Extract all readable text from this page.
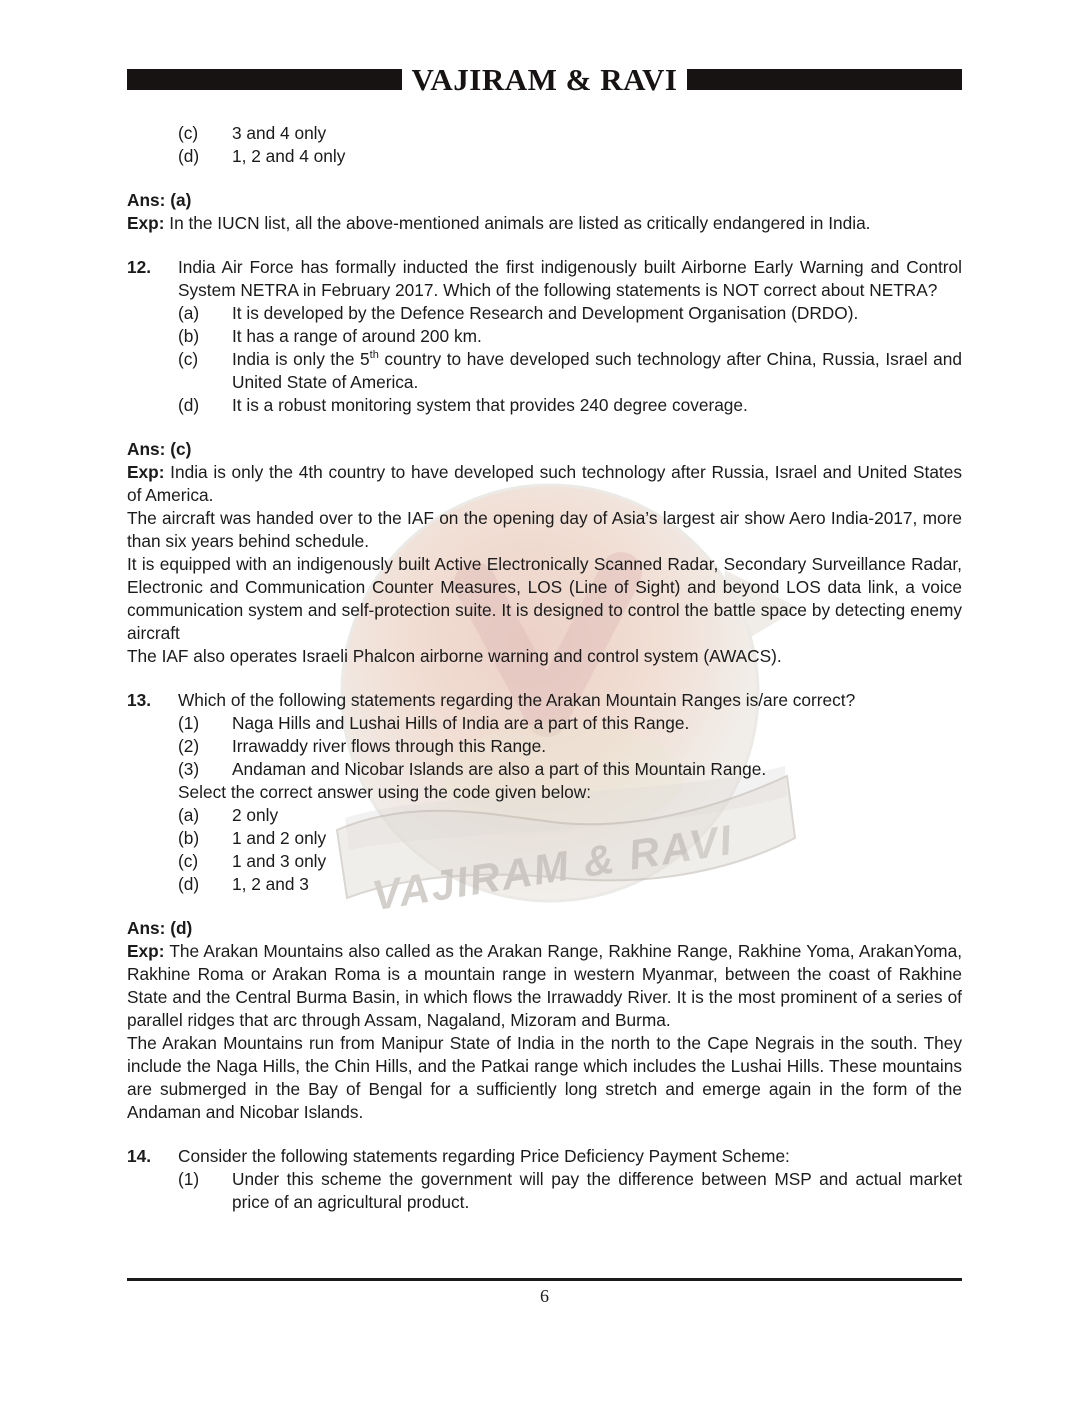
VAJIRAM & RAVI
VAJIRAM & RAVI
(c)	3 and 4 only
(d)	1, 2 and 4 only

Ans: (a)

Exp: In the IUCN list, all the above-mentioned animals are listed as critically endangered in India.

12.	India Air Force has formally inducted the first indigenously built Airborne Early Warning and Control System NETRA in February 2017. Which of the following statements is NOT correct about NETRA?

(a)	It is developed by the Defence Research and Development Organisation (DRDO).
(b)	It has a range of around 200 km.
(c)	India is only the 5th country to have developed such technology after China, Russia, Israel and United State of America.
(d)	It is a robust monitoring system that provides 240 degree coverage.

Ans: (c)

Exp: India is only the 4th country to have developed such technology after Russia, Israel and United States of America.

The aircraft was handed over to the IAF on the opening day of Asia’s largest air show Aero India-2017, more than six years behind schedule.

It is equipped with an indigenously built Active Electronically Scanned Radar, Secondary Surveillance Radar, Electronic and Communication Counter Measures, LOS (Line of Sight) and beyond LOS data link, a voice communication system and self-protection suite. It is designed to control the battle space by detecting enemy aircraft

The IAF also operates Israeli Phalcon airborne warning and control system (AWACS).

13.	Which of the following statements regarding the Arakan Mountain Ranges is/are correct?

(1)	Naga Hills and Lushai Hills of India are a part of this Range.
(2)	Irrawaddy river flows through this Range.
(3)	Andaman and Nicobar Islands are also a part of this Mountain Range.

Select the correct answer using the code given below:

(a)	2 only
(b)	1 and 2 only
(c)	1 and 3 only
(d)	1, 2 and 3

Ans: (d)

Exp: The Arakan Mountains also called as the Arakan Range, Rakhine Range, Rakhine Yoma, ArakanYoma, Rakhine Roma or Arakan Roma is a mountain range in western Myanmar, between the coast of Rakhine State and the Central Burma Basin, in which flows the Irrawaddy River. It is the most prominent of a series of parallel ridges that arc through Assam, Nagaland, Mizoram and Burma.

The Arakan Mountains run from Manipur State of India in the north to the Cape Negrais in the south. They include the Naga Hills, the Chin Hills, and the Patkai range which includes the Lushai Hills. These mountains are submerged in the Bay of Bengal for a sufficiently long stretch and emerge again in the form of the Andaman and Nicobar Islands.

14.	Consider the following statements regarding Price Deficiency Payment Scheme:

(1)	Under this scheme the government will pay the difference between MSP and actual market price of an agricultural product.
6
